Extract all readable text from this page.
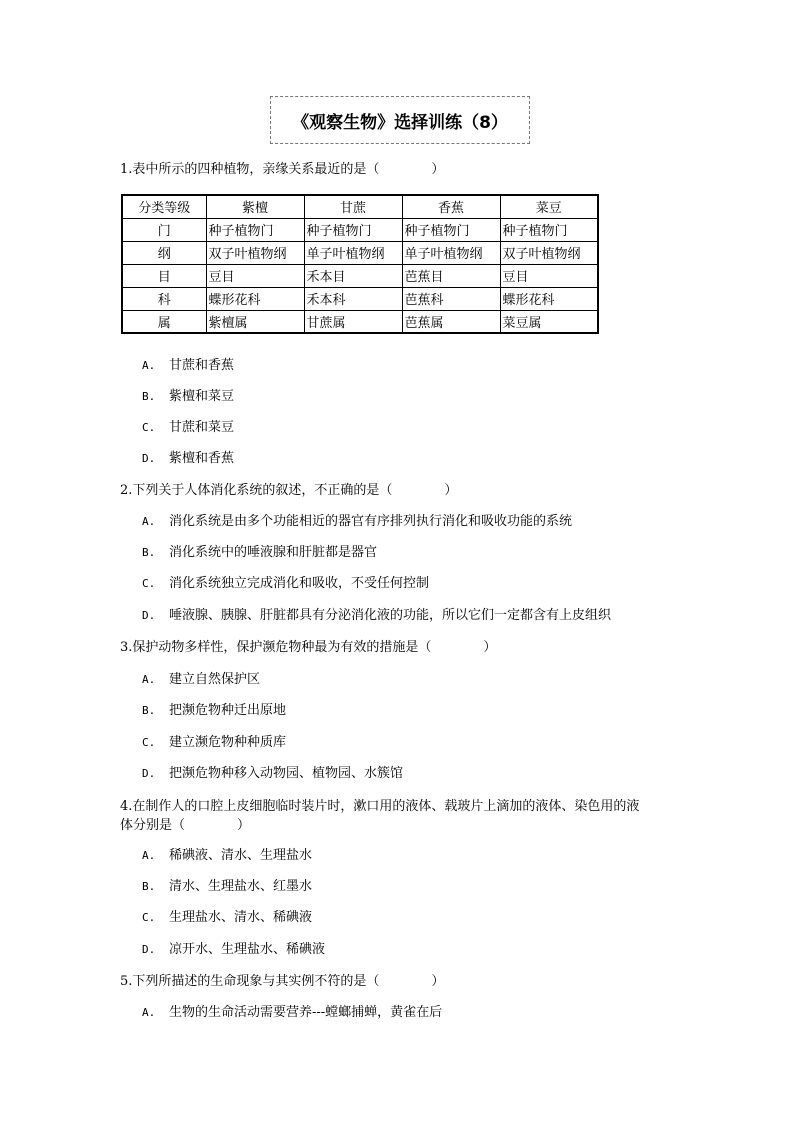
《观察生物》选择训练（8）
1.表中所示的四种植物，亲缘关系最近的是（	）
分类等级	紫檀	甘蔗	香蕉	菜豆
门	种子植物门	种子植物门	种子植物门	种子植物门
纲	双子叶植物纲	单子叶植物纲	单子叶植物纲	双子叶植物纲
目	豆目	禾本目	芭蕉目	豆目
科	蝶形花科	禾本科	芭蕉科	蝶形花科
属	紫檀属	甘蔗属	芭蕉属	菜豆属
A. 甘蔗和香蕉
B. 紫檀和菜豆
C. 甘蔗和菜豆
D. 紫檀和香蕉
2.下列关于人体消化系统的叙述，不正确的是（	）
A. 消化系统是由多个功能相近的器官有序排列执行消化和吸收功能的系统
B. 消化系统中的唾液腺和肝脏都是器官
C. 消化系统独立完成消化和吸收，不受任何控制
D. 唾液腺、胰腺、肝脏都具有分泌消化液的功能，所以它们一定都含有上皮组织
3.保护动物多样性，保护濒危物种最为有效的措施是（	）
A. 建立自然保护区
B. 把濒危物种迁出原地
C. 建立濒危物种种质库
D. 把濒危物种移入动物园、植物园、水簇馆
4.在制作人的口腔上皮细胞临时装片时，漱口用的液体、载玻片上滴加的液体、染色用的液
体分别是（	）
A. 稀碘液、清水、生理盐水
B. 清水、生理盐水、红墨水
C. 生理盐水、清水、稀碘液
D. 凉开水、生理盐水、稀碘液
5.下列所描述的生命现象与其实例不符的是（	）
A. 生物的生命活动需要营养---螳螂捕蝉，黄雀在后
